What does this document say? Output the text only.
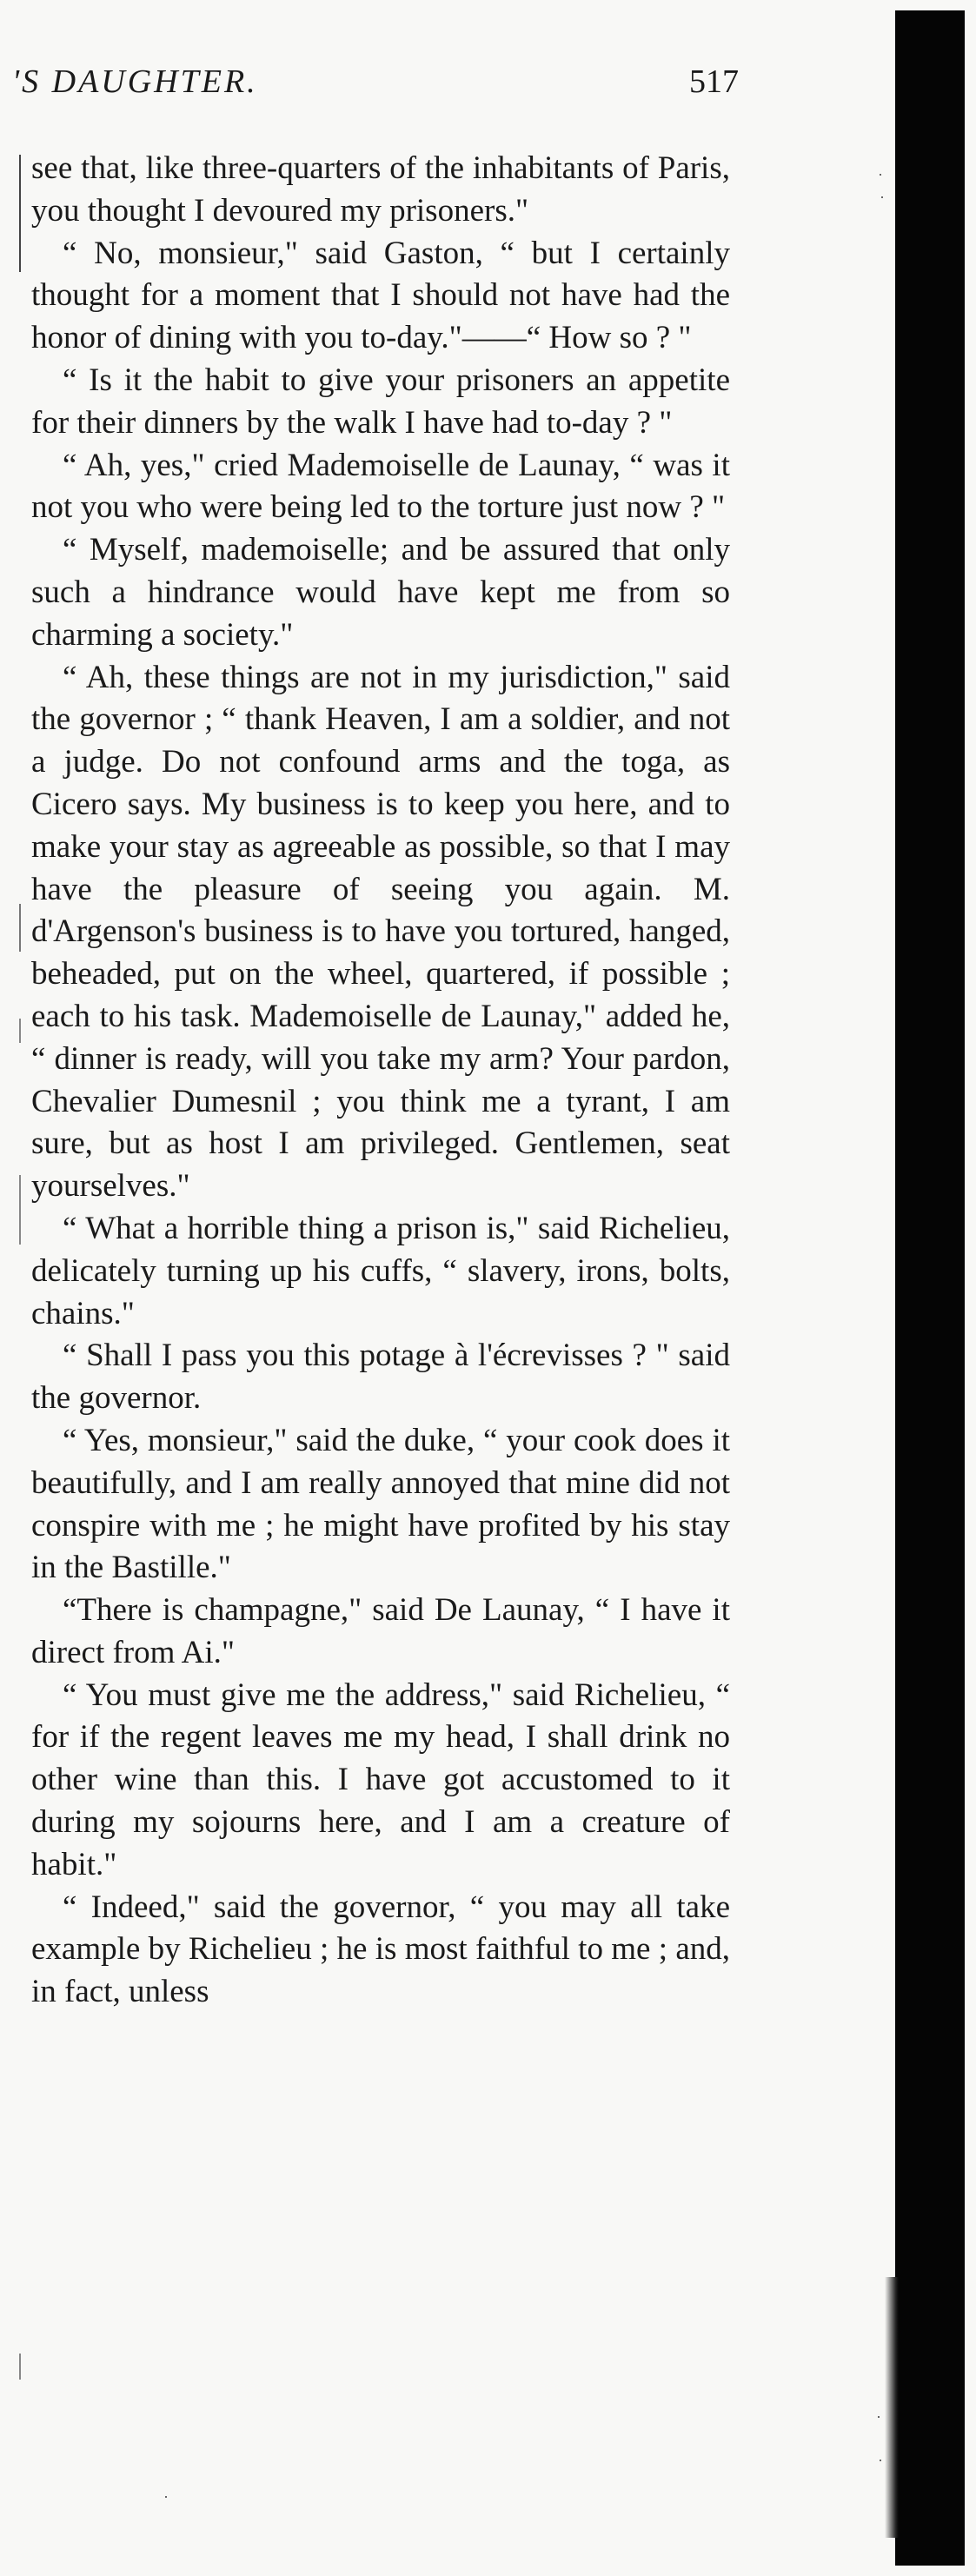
'S DAUGHTER.	517

see that, like three-quarters of the inhabitants of Paris, you thought I devoured my prisoners."

“ No, monsieur," said Gaston, “ but I certainly thought for a moment that I should not have had the honor of dining with you to-day."——“ How so ? "

“ Is it the habit to give your prisoners an appetite for their dinners by the walk I have had to-day ? "

“ Ah, yes," cried Mademoiselle de Launay, “ was it not you who were being led to the torture just now ? "

“ Myself, mademoiselle; and be assured that only such a hindrance would have kept me from so charming a society."

“ Ah, these things are not in my jurisdiction," said the governor ; “ thank Heaven, I am a soldier, and not a judge. Do not confound arms and the toga, as Cicero says. My business is to keep you here, and to make your stay as agreeable as possible, so that I may have the pleasure of seeing you again. M. d'Argenson's business is to have you tortured, hanged, beheaded, put on the wheel, quartered, if possible ; each to his task. Mademoiselle de Launay," added he, “ dinner is ready, will you take my arm? Your pardon, Chevalier Dumesnil ; you think me a tyrant, I am sure, but as host I am privileged. Gentlemen, seat yourselves."

“ What a horrible thing a prison is," said Richelieu, delicately turning up his cuffs, “ slavery, irons, bolts, chains."

“ Shall I pass you this potage à l'écrevisses ? " said the governor.

“ Yes, monsieur," said the duke, “ your cook does it beautifully, and I am really annoyed that mine did not conspire with me ; he might have profited by his stay in the Bastille."

“There is champagne," said De Launay, “ I have it direct from Ai."

“ You must give me the address," said Richelieu, “ for if the regent leaves me my head, I shall drink no other wine than this. I have got accustomed to it during my sojourns here, and I am a creature of habit."

“ Indeed," said the governor, “ you may all take example by Richelieu ; he is most faithful to me ; and, in fact, unless
